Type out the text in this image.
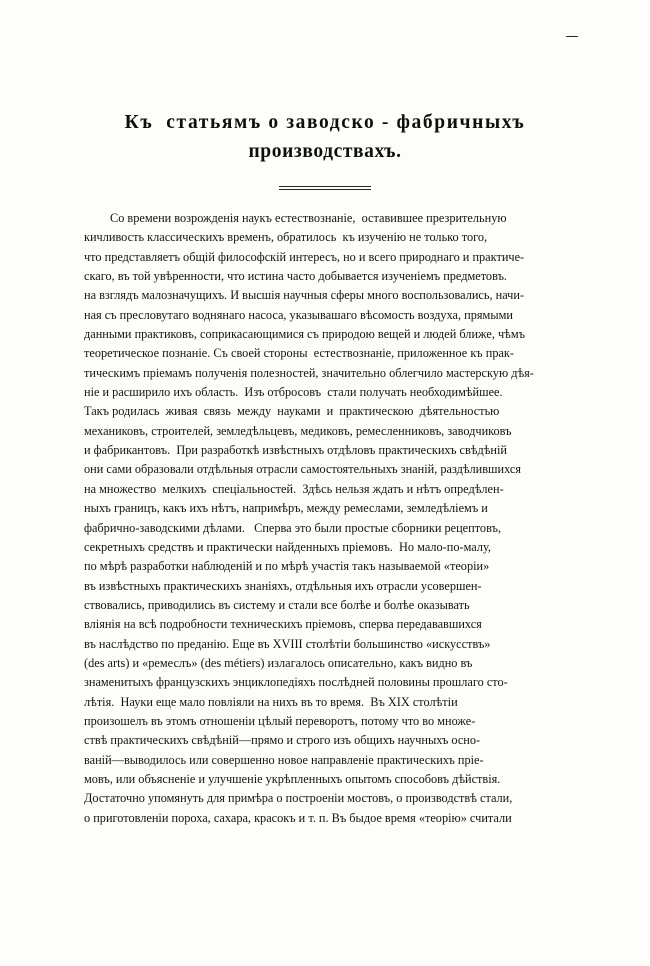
Къ  статьямъ о заводско - фабричныхъ
производствахъ.
Со времени возрожденія наукъ естествознаніе,  оставившее презрительную
кичливость классическихъ временъ, обратилось  къ изученію не только того,
что представляетъ общій философскій интересъ, но и всего природнаго и практиче-
скаго, въ той увѣренности, что истина часто добывается изученіемъ предметовъ.
на взглядъ малозначущихъ. И высшія научныя сферы много воспользовались, начи-
ная съ пресловутаго воднянаго насоса, указывашаго вѣсомость воздуха, прямыми
данными практиковъ, соприкасающимися съ природою вещей и людей ближе, чѣмъ
теоретическое познаніе. Съ своей стороны  естествознаніе, приложенное къ прак-
тическимъ пріемамъ полученія полезностей, значительно облегчило мастерскую дѣя-
ніе и расширило ихъ область.  Изъ отбросовъ  стали получать необходимѣйшее.
Такъ родилась  живая  связь  между  науками  и  практическою  дѣятельностью
механиковъ, строителей, земледѣльцевъ, медиковъ, ремесленниковъ, заводчиковъ
и фабрикантовъ.  При разработкѣ извѣстныхъ отдѣловъ практическихъ свѣдѣній
они сами образовали отдѣльныя отрасли самостоятельныхъ знаній, раздѣлившихся
на множество  мелкихъ  спеціальностей.  Здѣсь нельзя ждать и нѣтъ опредѣлен-
ныхъ границъ, какъ ихъ нѣтъ, напримѣръ, между ремеслами, земледѣліемъ и
фабрично-заводскими дѣлами.   Сперва это были простые сборники рецептовъ,
секретныхъ средствъ и практически найденныхъ пріемовъ.  Но мало-по-малу,
по мѣрѣ разработки наблюденій и по мѣрѣ участія такъ называемой «теоріи»
въ извѣстныхъ практическихъ знаніяхъ, отдѣльныя ихъ отрасли усовершен-
ствовались, приводились въ систему и стали все болѣе и болѣе оказывать
вліянія на всѣ подробности техническихъ пріемовъ, сперва передававшихся
въ наслѣдство по преданію. Еще въ XVIII столѣтіи большинство «искусствъ»
(des arts) и «ремеслъ» (des métiers) излагалось описательно, какъ видно въ
знаменитыхъ французскихъ энциклопедіяхъ послѣдней половины прошлаго сто-
лѣтія.  Науки еще мало повліяли на нихъ въ то время.  Въ XIX столѣтіи
произошелъ въ этомъ отношеніи цѣлый переворотъ, потому что во множе-
ствѣ практическихъ свѣдѣній—прямо и строго изъ общихъ научныхъ осно-
ваній—выводилось или совершенно новое направленіе практическихъ прie-
мовъ, или объясненіе и улучшеніе укрѣпленныхъ опытомъ способовъ дѣйствія.
Достаточно упомянуть для примѣра о построеніи мостовъ, о производствѣ стали,
о приготовленіи пороха, сахара, красокъ и т. п. Въ быдое время «теорію» считали
